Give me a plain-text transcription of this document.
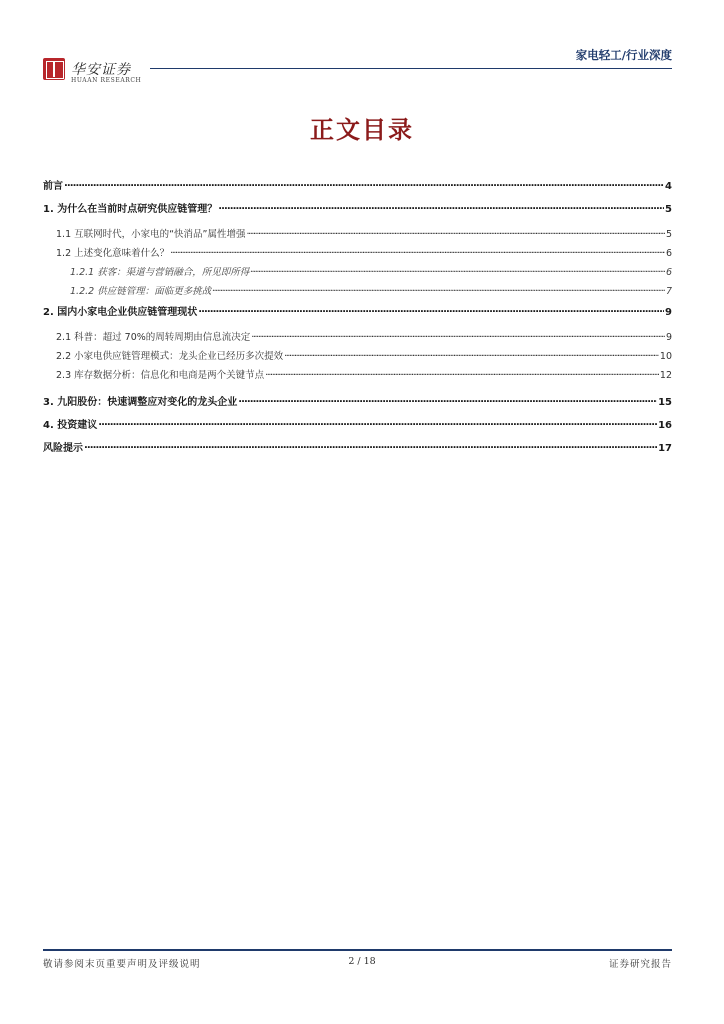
华安证券
HUAAN RESEARCH
家电轻工/行业深度
正文目录
前言 . . .	4
1. 为什么在当前时点研究供应链管理？ . . .	5
1.1 互联网时代，小家电的“快消品”属性增强 . . .	5
1.2 上述变化意味着什么？ . . .	6
1.2.1 获客：渠道与营销融合，所见即所得 . . .	6
1.2.2 供应链管理：面临更多挑战 . . .	7
2. 国内小家电企业供应链管理现状 . . .	9
2.1 科普：超过 70%的周转周期由信息流决定 . . .	9
2.2 小家电供应链管理模式：龙头企业已经历多次提效 . . .	10
2.3 库存数据分析：信息化和电商是两个关键节点 . . .	12
3. 九阳股份：快速调整应对变化的龙头企业 . . .	15
4. 投资建议 . . .	16
风险提示 . . .	17
敬请参阅末页重要声明及评级说明	2 / 18	证券研究报告
